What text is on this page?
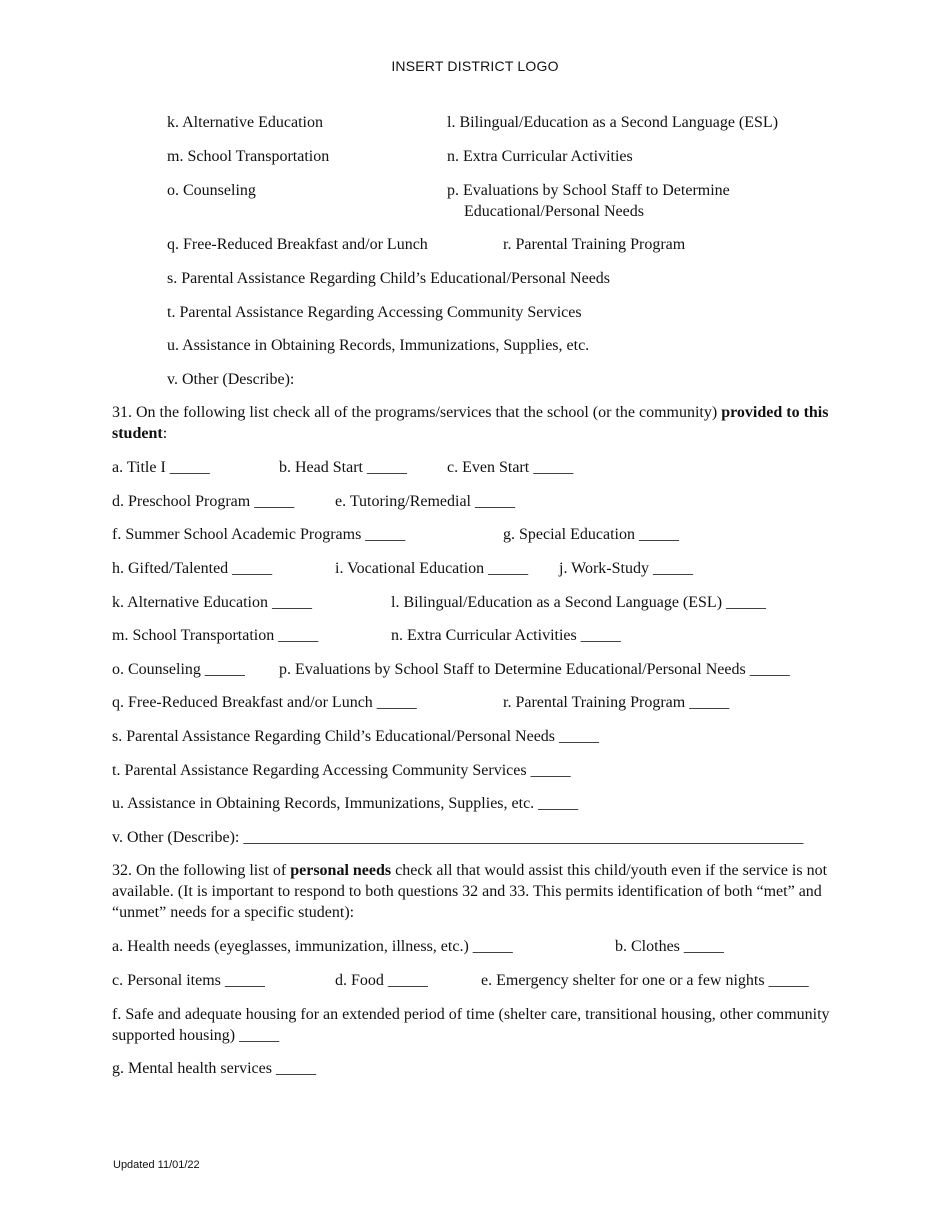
INSERT DISTRICT LOGO
k. Alternative Education	l. Bilingual/Education as a Second Language (ESL)
m. School Transportation	n. Extra Curricular Activities
o. Counseling	p. Evaluations by School Staff to Determine
Educational/Personal Needs
q. Free-Reduced Breakfast and/or Lunch	r. Parental Training Program
s. Parental Assistance Regarding Child’s Educational/Personal Needs
t. Parental Assistance Regarding Accessing Community Services
u. Assistance in Obtaining Records, Immunizations, Supplies, etc.
v. Other (Describe):
31. On the following list check all of the programs/services that the school (or the community) provided to this student:
a. Title I _____	b. Head Start _____	c. Even Start _____
d. Preschool Program _____	e. Tutoring/Remedial _____
f. Summer School Academic Programs _____	g. Special Education _____
h. Gifted/Talented _____	i. Vocational Education _____ j. Work-Study _____
k. Alternative Education _____	l. Bilingual/Education as a Second Language (ESL) _____
m. School Transportation _____	n. Extra Curricular Activities _____
o. Counseling _____ p. Evaluations by School Staff to Determine Educational/Personal Needs _____
q. Free-Reduced Breakfast and/or Lunch _____	r. Parental Training Program _____
s. Parental Assistance Regarding Child’s Educational/Personal Needs _____
t. Parental Assistance Regarding Accessing Community Services _____
u. Assistance in Obtaining Records, Immunizations, Supplies, etc. _____
v. Other (Describe): ______________________________________________________________________
32. On the following list of personal needs check all that would assist this child/youth even if the service is not available. (It is important to respond to both questions 32 and 33. This permits identification of both “met” and “unmet” needs for a specific student):
a. Health needs (eyeglasses, immunization, illness, etc.) _____	b. Clothes _____
c. Personal items _____	d. Food _____	e. Emergency shelter for one or a few nights _____
f. Safe and adequate housing for an extended period of time (shelter care, transitional housing, other community supported housing) _____
g. Mental health services _____
Updated 11/01/22
